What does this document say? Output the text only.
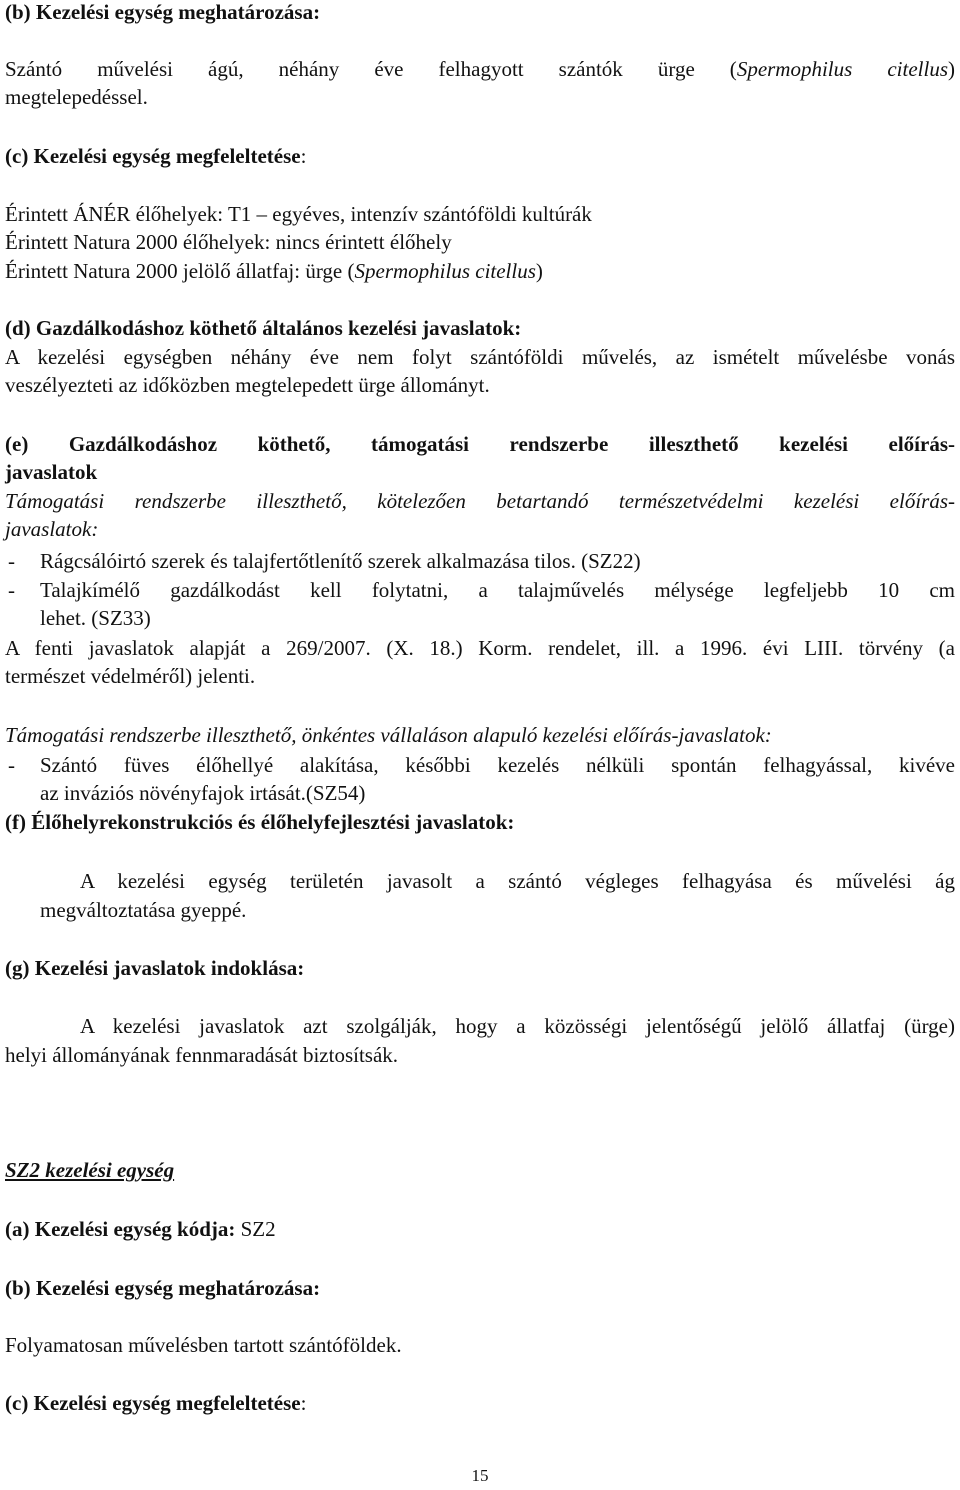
(b) Kezelési egység meghatározása:
Szántó művelési ágú, néhány éve felhagyott szántók ürge (Spermophilus citellus)
megtelepedéssel.
(c) Kezelési egység megfeleltetése:
Érintett ÁNÉR élőhelyek: T1 – egyéves, intenzív szántóföldi kultúrák
Érintett Natura 2000 élőhelyek: nincs érintett élőhely
Érintett Natura 2000 jelölő állatfaj: ürge (Spermophilus citellus)
(d) Gazdálkodáshoz köthető általános kezelési javaslatok:
A kezelési egységben néhány éve nem folyt szántóföldi művelés, az ismételt művelésbe vonás
veszélyezteti az időközben megtelepedett ürge állományt.
(e) Gazdálkodáshoz köthető, támogatási rendszerbe illeszthető kezelési előírás-
javaslatok
Támogatási rendszerbe illeszthető, kötelezően betartandó természetvédelmi kezelési előírás-
javaslatok:
- Rágcsálóirtó szerek és talajfertőtlenítő szerek alkalmazása tilos. (SZ22)
- Talajkímélő gazdálkodást kell folytatni, a talajművelés mélysége legfeljebb 10 cm
lehet. (SZ33)
A fenti javaslatok alapját a 269/2007. (X. 18.) Korm. rendelet, ill. a 1996. évi LIII. törvény (a
természet védelméről) jelenti.
Támogatási rendszerbe illeszthető, önkéntes vállaláson alapuló kezelési előírás-javaslatok:
- Szántó füves élőhellyé alakítása, későbbi kezelés nélküli spontán felhagyással, kivéve
az inváziós növényfajok irtását.(SZ54)
(f) Élőhelyrekonstrukciós és élőhelyfejlesztési javaslatok:
A kezelési egység területén javasolt a szántó végleges felhagyása és művelési ág
megváltoztatása gyeppé.
(g) Kezelési javaslatok indoklása:
A kezelési javaslatok azt szolgálják, hogy a közösségi jelentőségű jelölő állatfaj (ürge)
helyi állományának fennmaradását biztosítsák.
SZ2 kezelési egység
(a) Kezelési egység kódja: SZ2
(b) Kezelési egység meghatározása:
Folyamatosan művelésben tartott szántóföldek.
(c) Kezelési egység megfeleltetése:
15
